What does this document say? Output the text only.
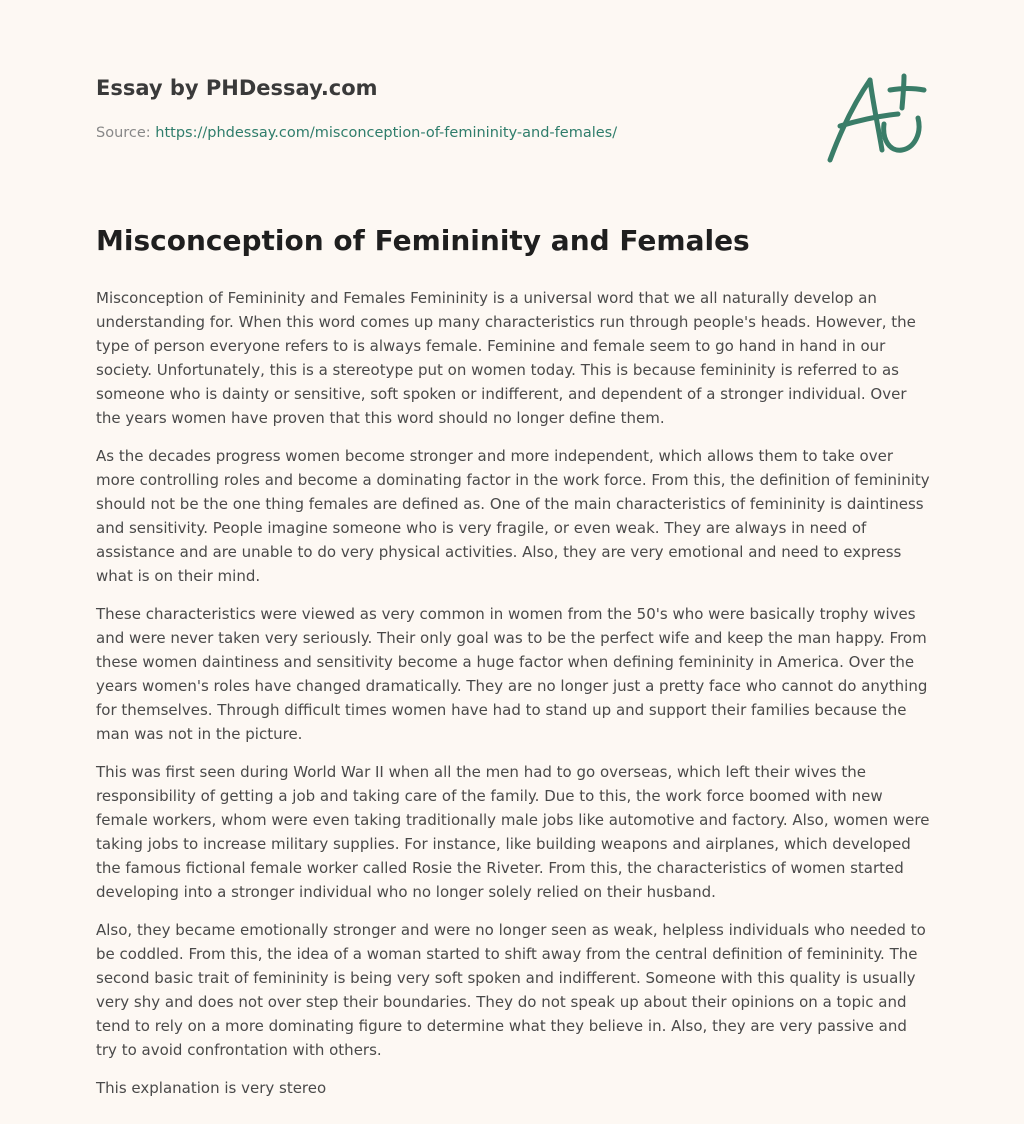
Essay by PHDessay.com
Source: https://phdessay.com/misconception-of-femininity-and-females/
Misconception of Femininity and Females

Misconception of Femininity and Females Femininity is a universal word that we all naturally develop an understanding for. When this word comes up many characteristics run through people's heads. However, the type of person everyone refers to is always female. Feminine and female seem to go hand in hand in our society. Unfortunately, this is a stereotype put on women today. This is because femininity is referred to as someone who is dainty or sensitive, soft spoken or indifferent, and dependent of a stronger individual. Over the years women have proven that this word should no longer define them.

As the decades progress women become stronger and more independent, which allows them to take over more controlling roles and become a dominating factor in the work force. From this, the definition of femininity should not be the one thing females are defined as. One of the main characteristics of femininity is daintiness and sensitivity. People imagine someone who is very fragile, or even weak. They are always in need of assistance and are unable to do very physical activities. Also, they are very emotional and need to express what is on their mind.

These characteristics were viewed as very common in women from the 50's who were basically trophy wives and were never taken very seriously. Their only goal was to be the perfect wife and keep the man happy. From these women daintiness and sensitivity become a huge factor when defining femininity in America. Over the years women's roles have changed dramatically. They are no longer just a pretty face who cannot do anything for themselves. Through difficult times women have had to stand up and support their families because the man was not in the picture.

This was first seen during World War II when all the men had to go overseas, which left their wives the responsibility of getting a job and taking care of the family. Due to this, the work force boomed with new female workers, whom were even taking traditionally male jobs like automotive and factory. Also, women were taking jobs to increase military supplies. For instance, like building weapons and airplanes, which developed the famous fictional female worker called Rosie the Riveter. From this, the characteristics of women started developing into a stronger individual who no longer solely relied on their husband.

Also, they became emotionally stronger and were no longer seen as weak, helpless individuals who needed to be coddled. From this, the idea of a woman started to shift away from the central definition of femininity. The second basic trait of femininity is being very soft spoken and indifferent. Someone with this quality is usually very shy and does not over step their boundaries. They do not speak up about their opinions on a topic and tend to rely on a more dominating figure to determine what they believe in. Also, they are very passive and try to avoid confrontation with others.

This explanation is very stereo
